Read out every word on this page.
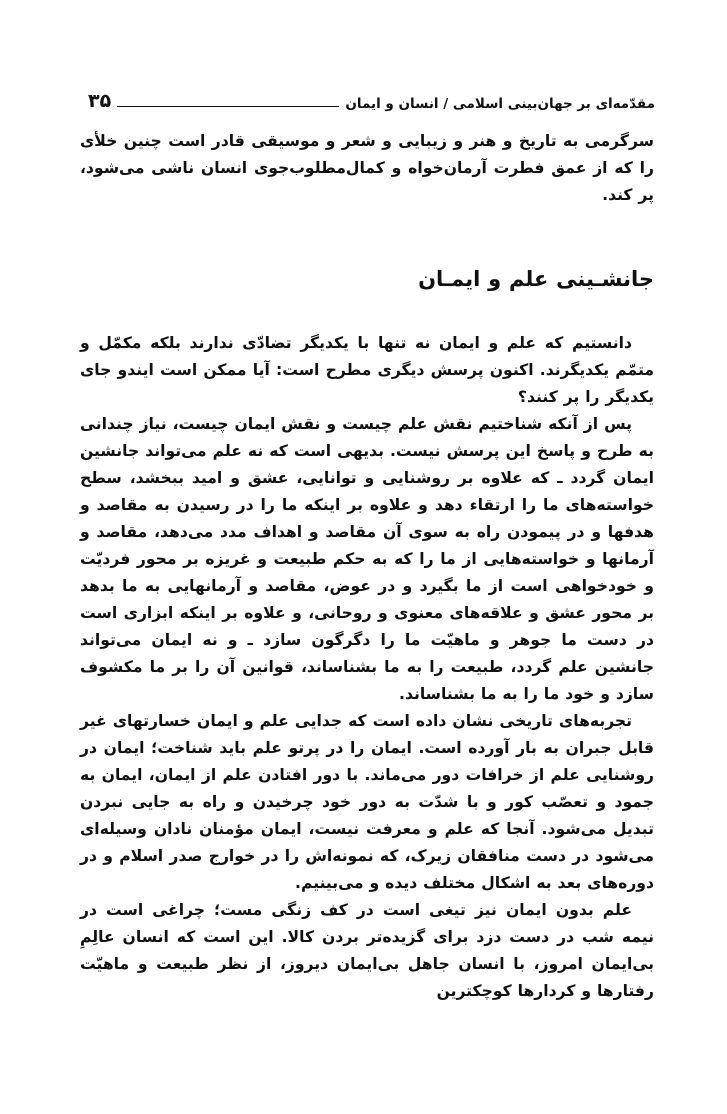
مقدّمه‌ای بر جهان‌بینی اسلامی / انسان و ایمان
۳۵

سرگرمی به تاریخ و هنر و زیبایی و شعر و موسیقی قادر است چنین خلأی را که از عمق فطرت آرمان‌خواه و کمال‌مطلوب‌جوی انسان ناشی می‌شود، پر کند.

جانشـینی علم و ایمـان

دانستیم که علم و ایمان نه تنها با یکدیگر تضادّی ندارند بلکه مکمّل و متمّم یکدیگرند. اکنون پرسش دیگری مطرح است: آیا ممکن است ایندو جای یکدیگر را پر کنند؟

پس از آنکه شناختیم نقش علم چیست و نقش ایمان چیست، نیاز چندانی به طرح و پاسخ این پرسش نیست. بدیهی است که نه علم می‌تواند جانشین ایمان گردد ـ که علاوه بر روشنایی و توانایی، عشق و امید ببخشد، سطح خواسته‌های ما را ارتقاء دهد و علاوه بر اینکه ما را در رسیدن به مقاصد و هدفها و در پیمودن راه به سوی آن مقاصد و اهداف مدد می‌دهد، مقاصد و آرمانها و خواسته‌هایی از ما را که به حکم طبیعت و غریزه بر محور فردیّت و خودخواهی است از ما بگیرد و در عوض، مقاصد و آرمانهایی به ما بدهد بر محور عشق و علاقه‌های معنوی و روحانی، و علاوه بر اینکه ابزاری است در دست ما جوهر و ماهیّت ما را دگرگون سازد ـ و نه ایمان می‌تواند جانشین علم گردد، طبیعت را به ما بشناساند، قوانین آن را بر ما مکشوف سازد و خود ما را به ما بشناساند.

تجربه‌های تاریخی نشان داده است که جدایی علم و ایمان خسارتهای غیر قابل جبران به بار آورده است. ایمان را در پرتو علم باید شناخت؛ ایمان در روشنایی علم از خرافات دور می‌ماند. با دور افتادن علم از ایمان، ایمان به جمود و تعصّب کور و با شدّت به دور خود چرخیدن و راه به جایی نبردن تبدیل می‌شود. آنجا که علم و معرفت نیست، ایمان مؤمنان نادان وسیله‌ای می‌شود در دست منافقان زیرک، که نمونه‌اش را در خوارج صدر اسلام و در دوره‌های بعد به اشکال مختلف دیده و می‌بینیم.

علم بدون ایمان نیز تیغی است در کف زنگی مست؛ چراغی است در نیمه شب در دست دزد برای گزیده‌تر بردن کالا. این است که انسان عالِمِ بی‌ایمان امروز، با انسان جاهل بی‌ایمان دیروز، از نظر طبیعت و ماهیّت رفتارها و کردارها کوچکترین
